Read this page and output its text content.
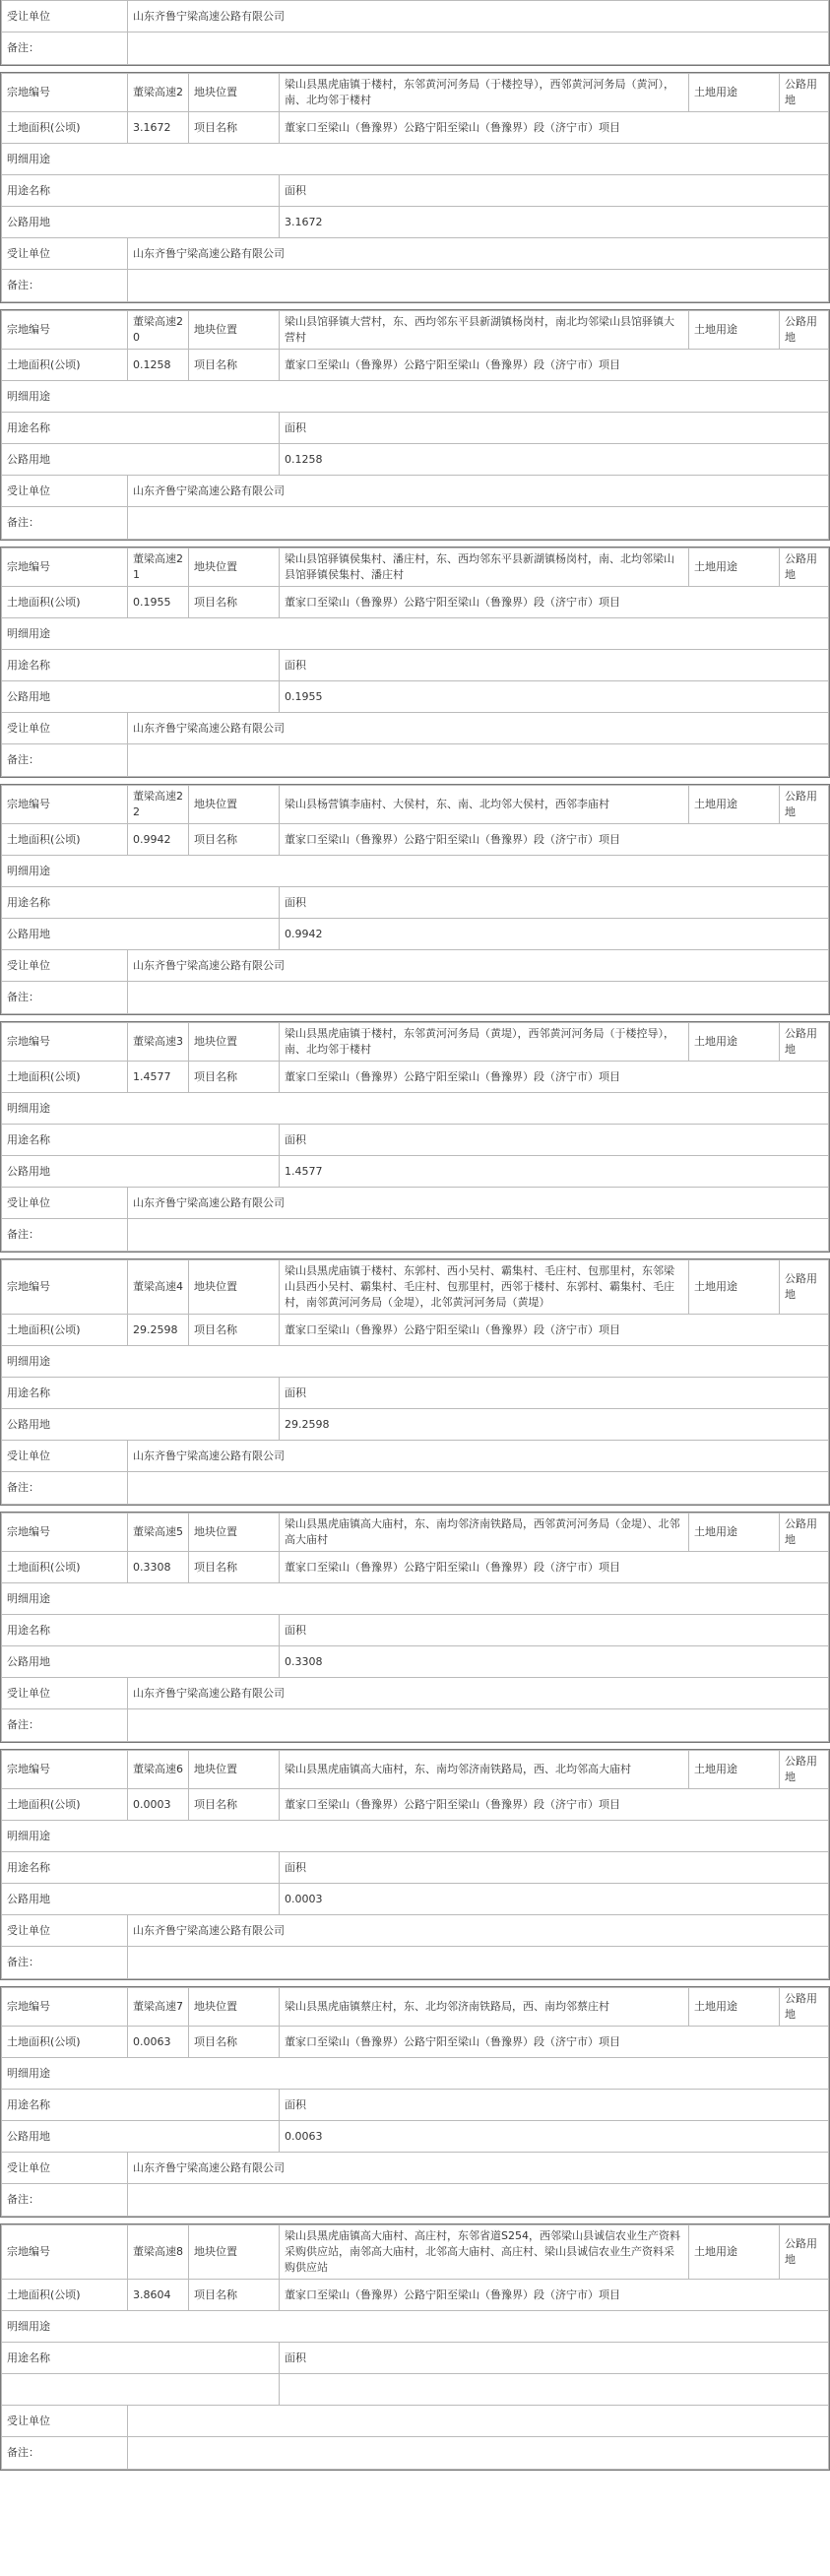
受让单位	山东齐鲁宁梁高速公路有限公司
备注：	
宗地编号	董梁高速2	地块位置	梁山县黑虎庙镇于楼村，东邻黄河河务局（于楼控导），西邻黄河河务局（黄河），南、北均邻于楼村	土地用途	公路用地
土地面积(公顷)	3.1672	项目名称	董家口至梁山（鲁豫界）公路宁阳至梁山（鲁豫界）段（济宁市）项目		
明细用途					
用途名称			面积		
公路用地			3.1672		
受让单位	山东齐鲁宁梁高速公路有限公司				
备注：					
宗地编号	董梁高速20	地块位置	梁山县馆驿镇大营村，东、西均邻东平县新湖镇杨岗村，南北均邻梁山县馆驿镇大营村	土地用途	公路用地
土地面积(公顷)	0.1258	项目名称	董家口至梁山（鲁豫界）公路宁阳至梁山（鲁豫界）段（济宁市）项目		
明细用途					
用途名称			面积		
公路用地			0.1258		
受让单位	山东齐鲁宁梁高速公路有限公司				
备注：					
宗地编号	董梁高速21	地块位置	梁山县馆驿镇侯集村、潘庄村，东、西均邻东平县新湖镇杨岗村，南、北均邻梁山县馆驿镇侯集村、潘庄村	土地用途	公路用地
土地面积(公顷)	0.1955	项目名称	董家口至梁山（鲁豫界）公路宁阳至梁山（鲁豫界）段（济宁市）项目		
明细用途					
用途名称			面积		
公路用地			0.1955		
受让单位	山东齐鲁宁梁高速公路有限公司				
备注：					
宗地编号	董梁高速22	地块位置	梁山县杨营镇李庙村、大侯村，东、南、北均邻大侯村，西邻李庙村	土地用途	公路用地
土地面积(公顷)	0.9942	项目名称	董家口至梁山（鲁豫界）公路宁阳至梁山（鲁豫界）段（济宁市）项目		
明细用途					
用途名称			面积		
公路用地			0.9942		
受让单位	山东齐鲁宁梁高速公路有限公司				
备注：					
宗地编号	董梁高速3	地块位置	梁山县黑虎庙镇于楼村，东邻黄河河务局（黄堤），西邻黄河河务局（于楼控导），南、北均邻于楼村	土地用途	公路用地
土地面积(公顷)	1.4577	项目名称	董家口至梁山（鲁豫界）公路宁阳至梁山（鲁豫界）段（济宁市）项目		
明细用途					
用途名称			面积		
公路用地			1.4577		
受让单位	山东齐鲁宁梁高速公路有限公司				
备注：					
宗地编号	董梁高速4	地块位置	梁山县黑虎庙镇于楼村、东郭村、西小吴村、霸集村、毛庄村、包那里村，东邻梁山县西小吴村、霸集村、毛庄村、包那里村，西邻于楼村、东郭村、霸集村、毛庄村，南邻黄河河务局（金堤），北邻黄河河务局（黄堤）	土地用途	公路用地
土地面积(公顷)	29.2598	项目名称	董家口至梁山（鲁豫界）公路宁阳至梁山（鲁豫界）段（济宁市）项目		
明细用途					
用途名称			面积		
公路用地			29.2598		
受让单位	山东齐鲁宁梁高速公路有限公司				
备注：					
宗地编号	董梁高速5	地块位置	梁山县黑虎庙镇高大庙村，东、南均邻济南铁路局，西邻黄河河务局（金堤）、北邻高大庙村	土地用途	公路用地
土地面积(公顷)	0.3308	项目名称	董家口至梁山（鲁豫界）公路宁阳至梁山（鲁豫界）段（济宁市）项目		
明细用途					
用途名称			面积		
公路用地			0.3308		
受让单位	山东齐鲁宁梁高速公路有限公司				
备注：					
宗地编号	董梁高速6	地块位置	梁山县黑虎庙镇高大庙村，东、南均邻济南铁路局，西、北均邻高大庙村	土地用途	公路用地
土地面积(公顷)	0.0003	项目名称	董家口至梁山（鲁豫界）公路宁阳至梁山（鲁豫界）段（济宁市）项目		
明细用途					
用途名称			面积		
公路用地			0.0003		
受让单位	山东齐鲁宁梁高速公路有限公司				
备注：					
宗地编号	董梁高速7	地块位置	梁山县黑虎庙镇蔡庄村，东、北均邻济南铁路局，西、南均邻蔡庄村	土地用途	公路用地
土地面积(公顷)	0.0063	项目名称	董家口至梁山（鲁豫界）公路宁阳至梁山（鲁豫界）段（济宁市）项目		
明细用途					
用途名称			面积		
公路用地			0.0063		
受让单位	山东齐鲁宁梁高速公路有限公司				
备注：					
宗地编号	董梁高速8	地块位置	梁山县黑虎庙镇高大庙村、高庄村，东邻省道S254，西邻梁山县诚信农业生产资料采购供应站，南邻高大庙村，北邻高大庙村、高庄村、梁山县诚信农业生产资料采购供应站	土地用途	公路用地
土地面积(公顷)	3.8604	项目名称	董家口至梁山（鲁豫界）公路宁阳至梁山（鲁豫界）段（济宁市）项目		
明细用途					
用途名称			面积		

受让单位					
备注：					
